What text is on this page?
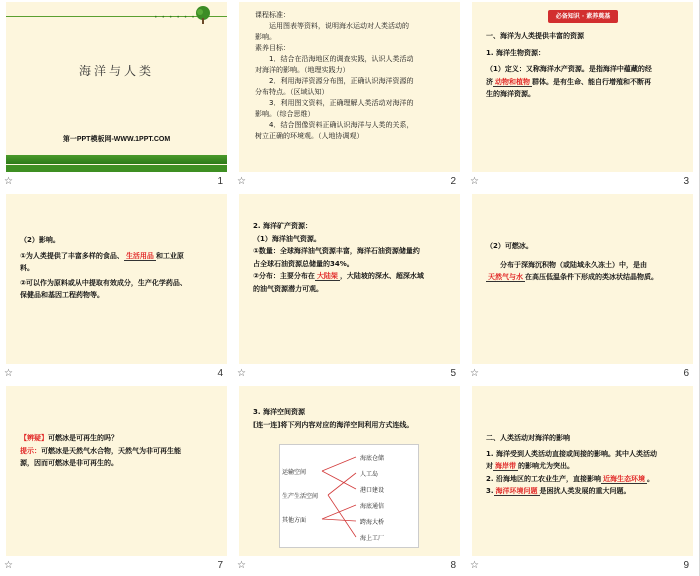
• • • • • •
海洋与人类
第一PPT模板网-WWW.1PPT.COM
☆	1
课程标准：
　　运用图表等资料，说明海水运动对人类活动的
影响。
素养目标：
　　1．结合在沿海地区的调查实践，认识人类活动
对海洋的影响。（地理实践力）
　　2．利用海洋资源分布图，正确认识海洋资源的
分布特点。（区域认知）
　　3．利用图文资料，正确理解人类活动对海洋的
影响。（综合思维）
　　4．结合图像资料正确认识海洋与人类的关系，
树立正确的环境观。（人地协调观）
☆	2
必备知识 · 素养奠基
一、海洋为人类提供丰富的资源
1. 海洋生物资源：
（1）定义：又称海洋水产资源。是指海洋中蕴藏的经
济 动物和植物 群体。是有生命、能自行增殖和不断再
生的海洋资源。
☆	3
（2）影响。
①为人类提供了丰富多样的食品、 生活用品 和工业原
料。
②可以作为原料或从中提取有效成分，生产化学药品、
保健品和基因工程药物等。
☆	4
2. 海洋矿产资源：
（1）海洋油气资源。
①数量：全球海洋油气资源丰富，海洋石油资源储量约
占全球石油资源总储量的34%。
②分布：主要分布在 大陆架 ，大陆坡的深水、超深水域
的油气资源潜力可观。
☆	5
（2）可燃冰。
　　分布于深海沉积物（或陆域永久冻土）中，是由
天然气与水 在高压低温条件下形成的类冰状结晶物质。
☆	6
【辨疑】可燃冰是可再生的吗？
提示：可燃冰是天然气水合物，天然气为非可再生能
源，因而可燃冰是非可再生的。
☆	7
3. 海洋空间资源
[连一连]将下列内容对应的海洋空间利用方式连线。
运输空间
生产生活空间
其他方面
海底仓储
人工岛
港口建设
海底通信
跨海大桥
海上工厂
☆	8
二、人类活动对海洋的影响
1. 海洋受到人类活动直接或间接的影响。其中人类活动
对 海岸带 的影响尤为突出。
2. 沿海地区的工农业生产，直接影响 近海生态环境 。
3. 海洋环境问题 是困扰人类发展的重大问题。
☆	9
